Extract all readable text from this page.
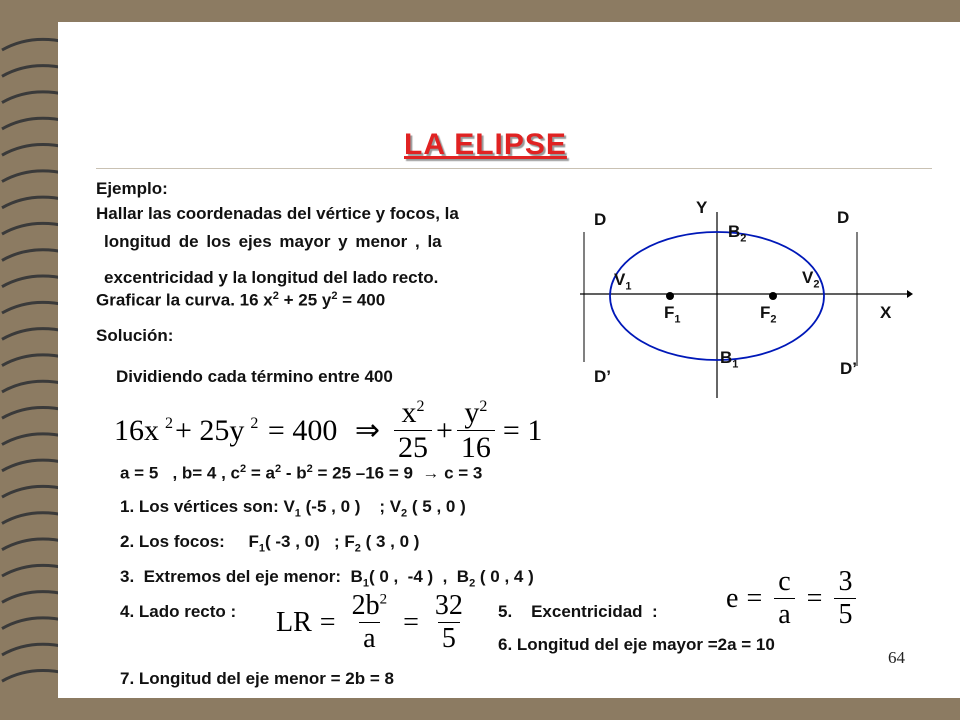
LA ELIPSE
Ejemplo:
Hallar las coordenadas del vértice y focos, la
longitud de los ejes mayor y menor , la
excentricidad y la longitud del lado recto.
Graficar la curva. 16 $x^2 + 25$ $y^2 = 400$
Solución:
Dividiendo cada término entre 400
16x $^2$ + 25y $^2$ = 400 ⇒ $\frac{x^2}{25} + \frac{y^2}{16} = 1$
a = 5   , b= 4 , $c^2 = a^2 - b^2 = 25$ –16 = 9  → c = 3
1. Los vértices son: $V_1$ (-5 , 0 )    ; $V_2$ ( 5 , 0 )
2. Los focos:     $F_1$( -3 , 0)   ; $F_2$ ( 3 , 0 )
3.  Extremos del eje menor:  $B_1$( 0 ,  -4 )  ,  $B_2$ ( 0 , 4 )
4. Lado recto :	5.    Excentricidad  :
6. Longitud del eje mayor =2a = 10
7. Longitud del eje menor = 2b = 8
LR = $\frac{2b^2}{a} = \frac{32}{5}$	$e = \frac{c}{a} = \frac{3}{5}$
Y
X
D	D
D’	D’
$V_1$	$V_2$
$F_1$	$F_2$
$B_2$
$B_1$
64
